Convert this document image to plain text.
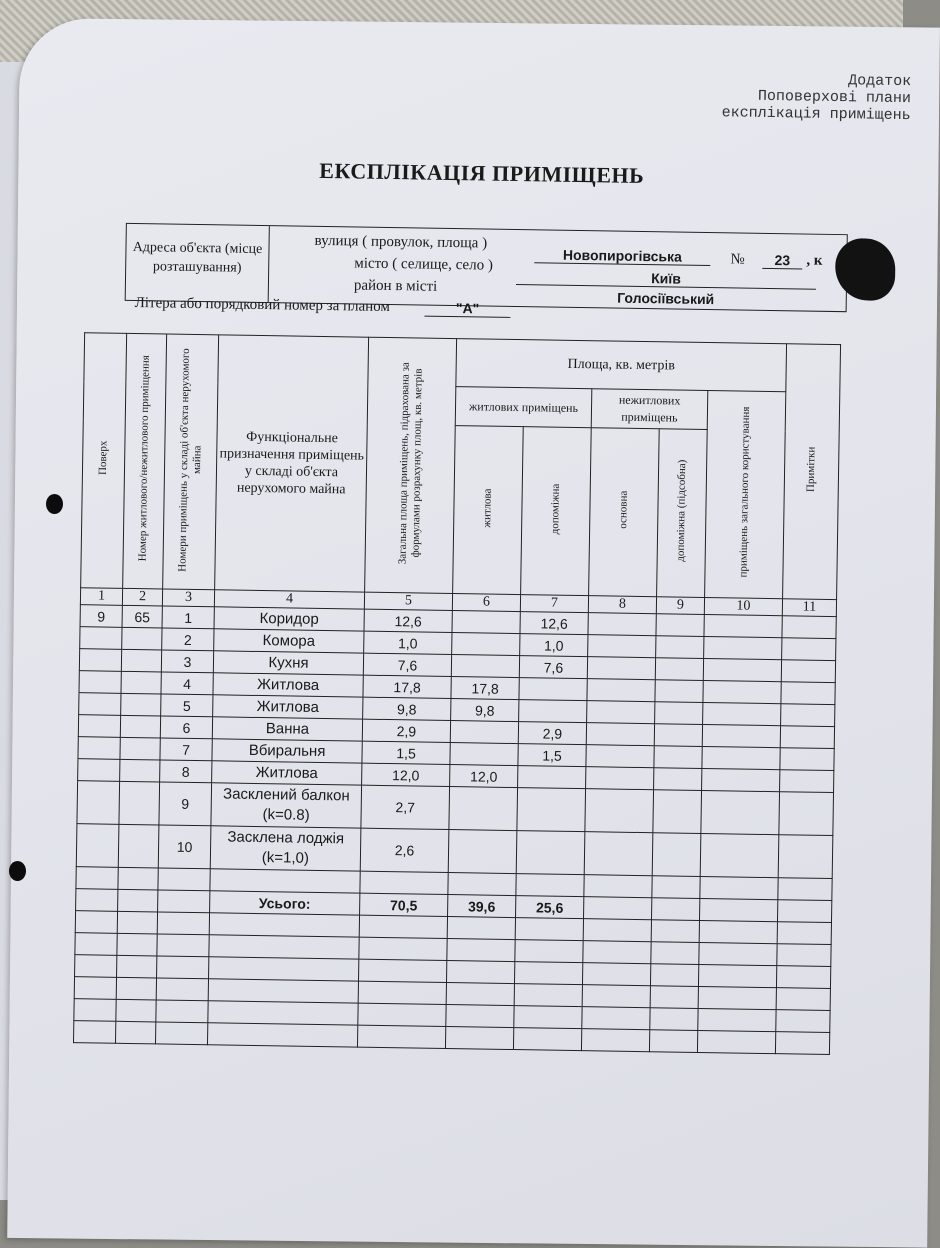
Додаток
Поповерхові плани
експлікація приміщень
ЕКСПЛІКАЦІЯ ПРИМІЩЕНЬ
Адреса об'єкта (місце розташування)
вулиця ( провулок, площа )
Новопирогівська	№	23	, к
місто ( селище, село )
Київ
район в місті
Голосіївський
Літера або порядковий номер за планом	"А"
Поверх	Номер житлового/нежитлового приміщення	Номери приміщень у складі об'єкта нерухомого майна	Функціональне призначення приміщень у складі об'єкта нерухомого майна	Загальна площа приміщень, підрахована за формулами розрахунку площ, кв. метрів	Площа, кв. метрів					Примітки
					житлових приміщень		нежитлових приміщень		приміщень загального користування	
					житлова	допоміжна	основна	допоміжна (підсобна)		
1	2	3	4	5	6	7	8	9	10	11
9	65	1	Коридор	12,6		12,6				
		2	Комора	1,0		1,0				
		3	Кухня	7,6		7,6				
		4	Житлова	17,8	17,8					
		5	Житлова	9,8	9,8					
		6	Ванна	2,9		2,9				
		7	Вбиральня	1,5		1,5				
		8	Житлова	12,0	12,0					
		9	Засклений балкон (k=0.8)	2,7						
		10	Засклена лоджія (k=1,0)	2,6						

			Усього:	70,5	39,6	25,6				
